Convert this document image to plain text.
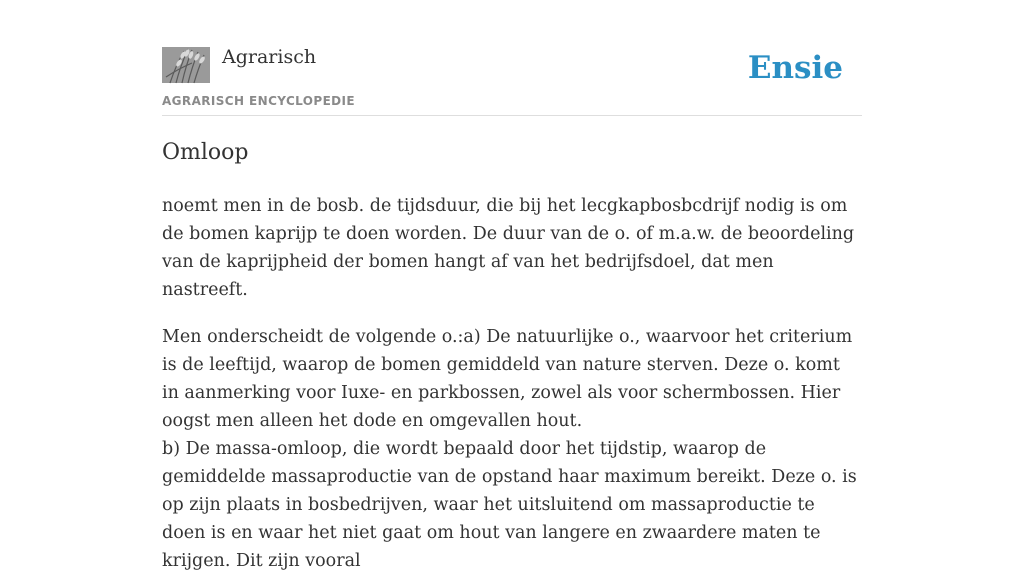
Agrarisch
AGRARISCH ENCYCLOPEDIE
Ensie
Omloop

noemt men in de bosb. de tijdsduur, die bij het lecgkapbosbcdrijf nodig is om de bomen kaprijp te doen worden. De duur van de o. of m.a.w. de beoordeling van de kaprijpheid der bomen hangt af van het bedrijfsdoel, dat men nastreeft.

Men onderscheidt de volgende o.:a) De natuurlijke o., waarvoor het criterium is de leeftijd, waarop de bomen gemiddeld van nature sterven. Deze o. komt in aanmerking voor Iuxe- en parkbossen, zowel als voor schermbossen. Hier oogst men alleen het dode en omgevallen hout.

b) De massa-omloop, die wordt bepaald door het tijdstip, waarop de gemiddelde massaproductie van de opstand haar maximum bereikt. Deze o. is op zijn plaats in bosbedrijven, waar het uitsluitend om massaproductie te doen is en waar het niet gaat om hout van langere en zwaardere maten te krijgen. Dit zijn vooral
